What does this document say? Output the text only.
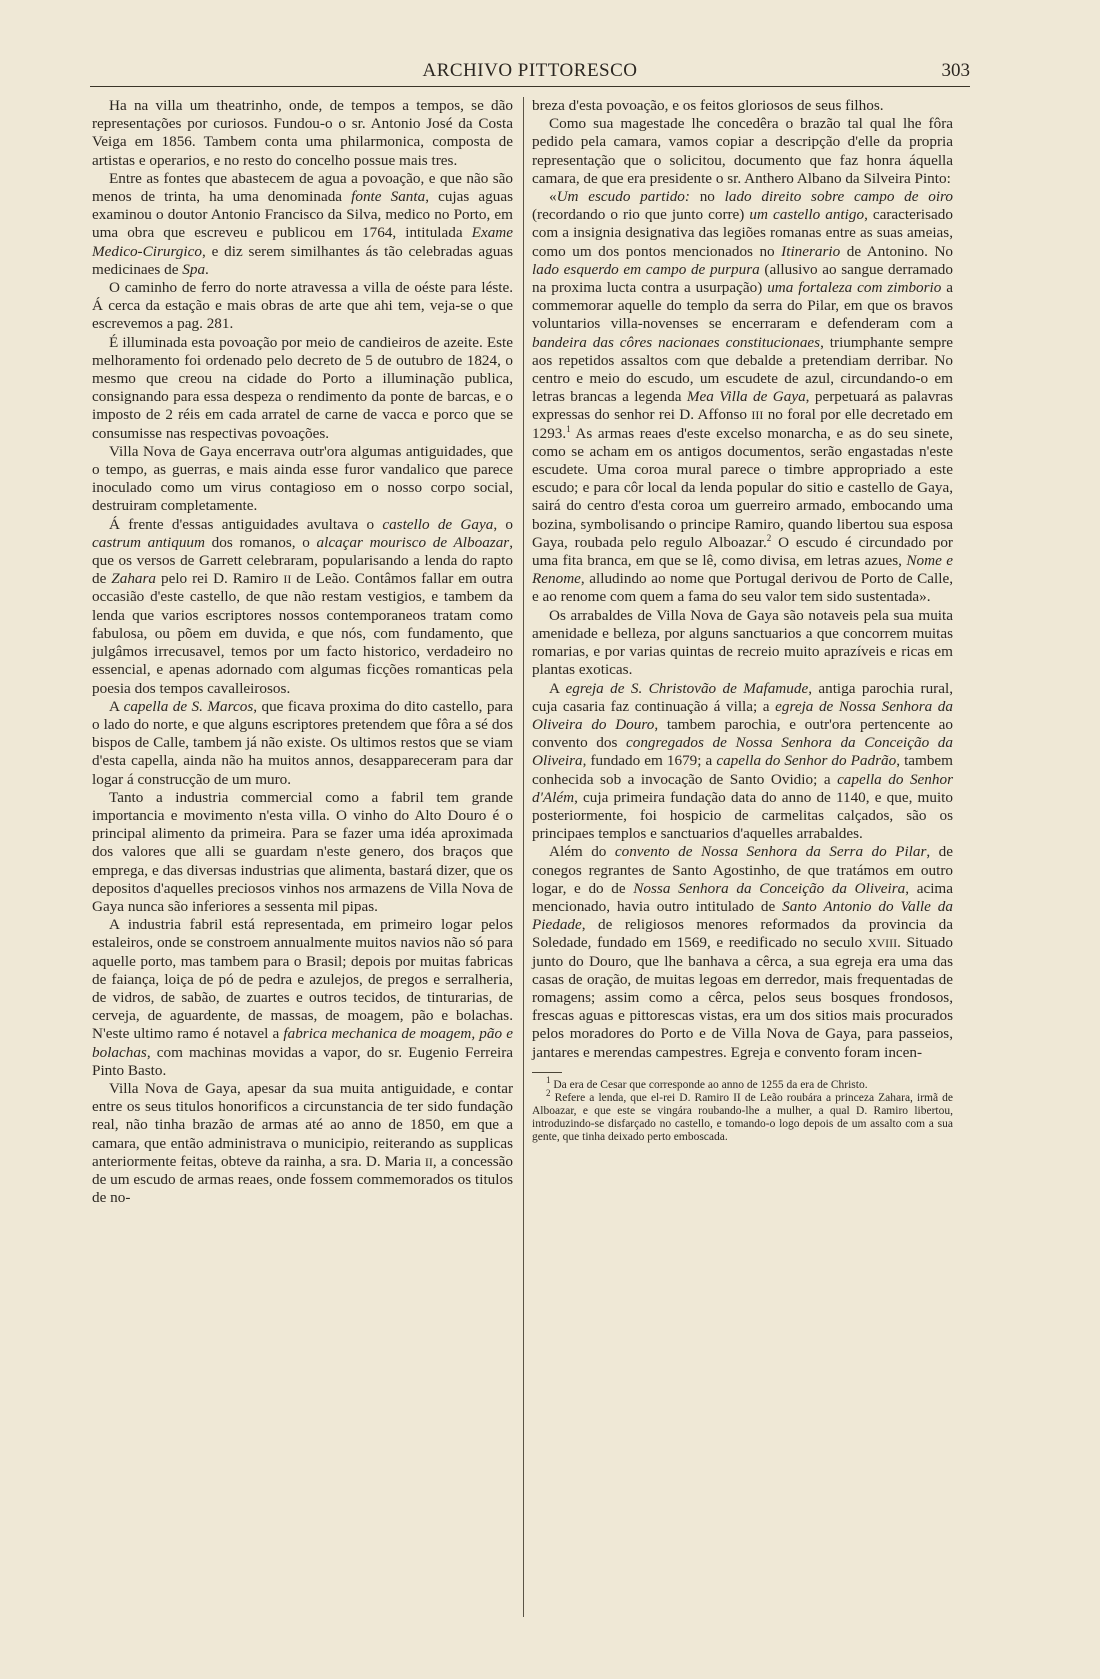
ARCHIVO PITTORESCO	303

Ha na villa um theatrinho, onde, de tempos a tempos, se dão representações por curiosos. Fundou-o o sr. Antonio José da Costa Veiga em 1856. Tambem conta uma philarmonica, composta de artistas e operarios, e no resto do concelho possue mais tres.

Entre as fontes que abastecem de agua a povoação, e que não são menos de trinta, ha uma denominada fonte Santa, cujas aguas examinou o doutor Antonio Francisco da Silva, medico no Porto, em uma obra que escreveu e publicou em 1764, intitulada Exame Medico-Cirurgico, e diz serem similhantes ás tão celebradas aguas medicinaes de Spa.

O caminho de ferro do norte atravessa a villa de oéste para léste. Á cerca da estação e mais obras de arte que ahi tem, veja-se o que escrevemos a pag. 281.

É illuminada esta povoação por meio de candieiros de azeite. Este melhoramento foi ordenado pelo decreto de 5 de outubro de 1824, o mesmo que creou na cidade do Porto a illuminação publica, consignando para essa despeza o rendimento da ponte de barcas, e o imposto de 2 réis em cada arratel de carne de vacca e porco que se consumisse nas respectivas povoações.

Villa Nova de Gaya encerrava outr'ora algumas antiguidades, que o tempo, as guerras, e mais ainda esse furor vandalico que parece inoculado como um virus contagioso em o nosso corpo social, destruiram completamente.

Á frente d'essas antiguidades avultava o castello de Gaya, o castrum antiquum dos romanos, o alcaçar mourisco de Alboazar, que os versos de Garrett celebraram, popularisando a lenda do rapto de Zahara pelo rei D. Ramiro II de Leão. Contâmos fallar em outra occasião d'este castello, de que não restam vestigios, e tambem da lenda que varios escriptores nossos contemporaneos tratam como fabulosa, ou põem em duvida, e que nós, com fundamento, que julgâmos irrecusavel, temos por um facto historico, verdadeiro no essencial, e apenas adornado com algumas ficções romanticas pela poesia dos tempos cavalleirosos.

A capella de S. Marcos, que ficava proxima do dito castello, para o lado do norte, e que alguns escriptores pretendem que fôra a sé dos bispos de Calle, tambem já não existe. Os ultimos restos que se viam d'esta capella, ainda não ha muitos annos, desappareceram para dar logar á construcção de um muro.

Tanto a industria commercial como a fabril tem grande importancia e movimento n'esta villa. O vinho do Alto Douro é o principal alimento da primeira. Para se fazer uma idéa aproximada dos valores que alli se guardam n'este genero, dos braços que emprega, e das diversas industrias que alimenta, bastará dizer, que os depositos d'aquelles preciosos vinhos nos armazens de Villa Nova de Gaya nunca são inferiores a sessenta mil pipas.

A industria fabril está representada, em primeiro logar pelos estaleiros, onde se constroem annualmente muitos navios não só para aquelle porto, mas tambem para o Brasil; depois por muitas fabricas de faiança, loiça de pó de pedra e azulejos, de pregos e serralheria, de vidros, de sabão, de zuartes e outros tecidos, de tinturarias, de cerveja, de aguardente, de massas, de moagem, pão e bolachas. N'este ultimo ramo é notavel a fabrica mechanica de moagem, pão e bolachas, com machinas movidas a vapor, do sr. Eugenio Ferreira Pinto Basto.

Villa Nova de Gaya, apesar da sua muita antiguidade, e contar entre os seus titulos honorificos a circunstancia de ter sido fundação real, não tinha brazão de armas até ao anno de 1850, em que a camara, que então administrava o municipio, reiterando as supplicas anteriormente feitas, obteve da rainha, a sra. D. Maria II, a concessão de um escudo de armas reaes, onde fossem commemorados os titulos de no-

breza d'esta povoação, e os feitos gloriosos de seus filhos.

Como sua magestade lhe concedêra o brazão tal qual lhe fôra pedido pela camara, vamos copiar a descripção d'elle da propria representação que o solicitou, documento que faz honra áquella camara, de que era presidente o sr. Anthero Albano da Silveira Pinto:

«Um escudo partido: no lado direito sobre campo de oiro (recordando o rio que junto corre) um castello antigo, caracterisado com a insignia designativa das legiões romanas entre as suas ameias, como um dos pontos mencionados no Itinerario de Antonino. No lado esquerdo em campo de purpura (allusivo ao sangue derramado na proxima lucta contra a usurpação) uma fortaleza com zimborio a commemorar aquelle do templo da serra do Pilar, em que os bravos voluntarios villa-novenses se encerraram e defenderam com a bandeira das côres nacionaes constitucionaes, triumphante sempre aos repetidos assaltos com que debalde a pretendiam derribar. No centro e meio do escudo, um escudete de azul, circundando-o em letras brancas a legenda Mea Villa de Gaya, perpetuará as palavras expressas do senhor rei D. Affonso III no foral por elle decretado em 1293.$^1$ As armas reaes d'este excelso monarcha, e as do seu sinete, como se acham em os antigos documentos, serão engastadas n'este escudete. Uma coroa mural parece o timbre appropriado a este escudo; e para côr local da lenda popular do sitio e castello de Gaya, sairá do centro d'esta coroa um guerreiro armado, embocando uma bozina, symbolisando o principe Ramiro, quando libertou sua esposa Gaya, roubada pelo regulo Alboazar.$^2$ O escudo é circundado por uma fita branca, em que se lê, como divisa, em letras azues, Nome e Renome, alludindo ao nome que Portugal derivou de Porto de Calle, e ao renome com quem a fama do seu valor tem sido sustentada».

Os arrabaldes de Villa Nova de Gaya são notaveis pela sua muita amenidade e belleza, por alguns sanctuarios a que concorrem muitas romarias, e por varias quintas de recreio muito aprazíveis e ricas em plantas exoticas.

A egreja de S. Christovão de Mafamude, antiga parochia rural, cuja casaria faz continuação á villa; a egreja de Nossa Senhora da Oliveira do Douro, tambem parochia, e outr'ora pertencente ao convento dos congregados de Nossa Senhora da Conceição da Oliveira, fundado em 1679; a capella do Senhor do Padrão, tambem conhecida sob a invocação de Santo Ovidio; a capella do Senhor d'Além, cuja primeira fundação data do anno de 1140, e que, muito posteriormente, foi hospicio de carmelitas calçados, são os principaes templos e sanctuarios d'aquelles arrabaldes.

Além do convento de Nossa Senhora da Serra do Pilar, de conegos regrantes de Santo Agostinho, de que tratámos em outro logar, e do de Nossa Senhora da Conceição da Oliveira, acima mencionado, havia outro intitulado de Santo Antonio do Valle da Piedade, de religiosos menores reformados da provincia da Soledade, fundado em 1569, e reedificado no seculo XVIII. Situado junto do Douro, que lhe banhava a cêrca, a sua egreja era uma das casas de oração, de muitas legoas em derredor, mais frequentadas de romagens; assim como a cêrca, pelos seus bosques frondosos, frescas aguas e pittorescas vistas, era um dos sitios mais procurados pelos moradores do Porto e de Villa Nova de Gaya, para passeios, jantares e merendas campestres. Egreja e convento foram incen-

$^1$ Da era de Cesar que corresponde ao anno de 1255 da era de Christo.

$^2$ Refere a lenda, que el-rei D. Ramiro II de Leão roubára a princeza Zahara, irmã de Alboazar, e que este se vingára roubando-lhe a mulher, a qual D. Ramiro libertou, introduzindo-se disfarçado no castello, e tomando-o logo depois de um assalto com a sua gente, que tinha deixado perto emboscada.
